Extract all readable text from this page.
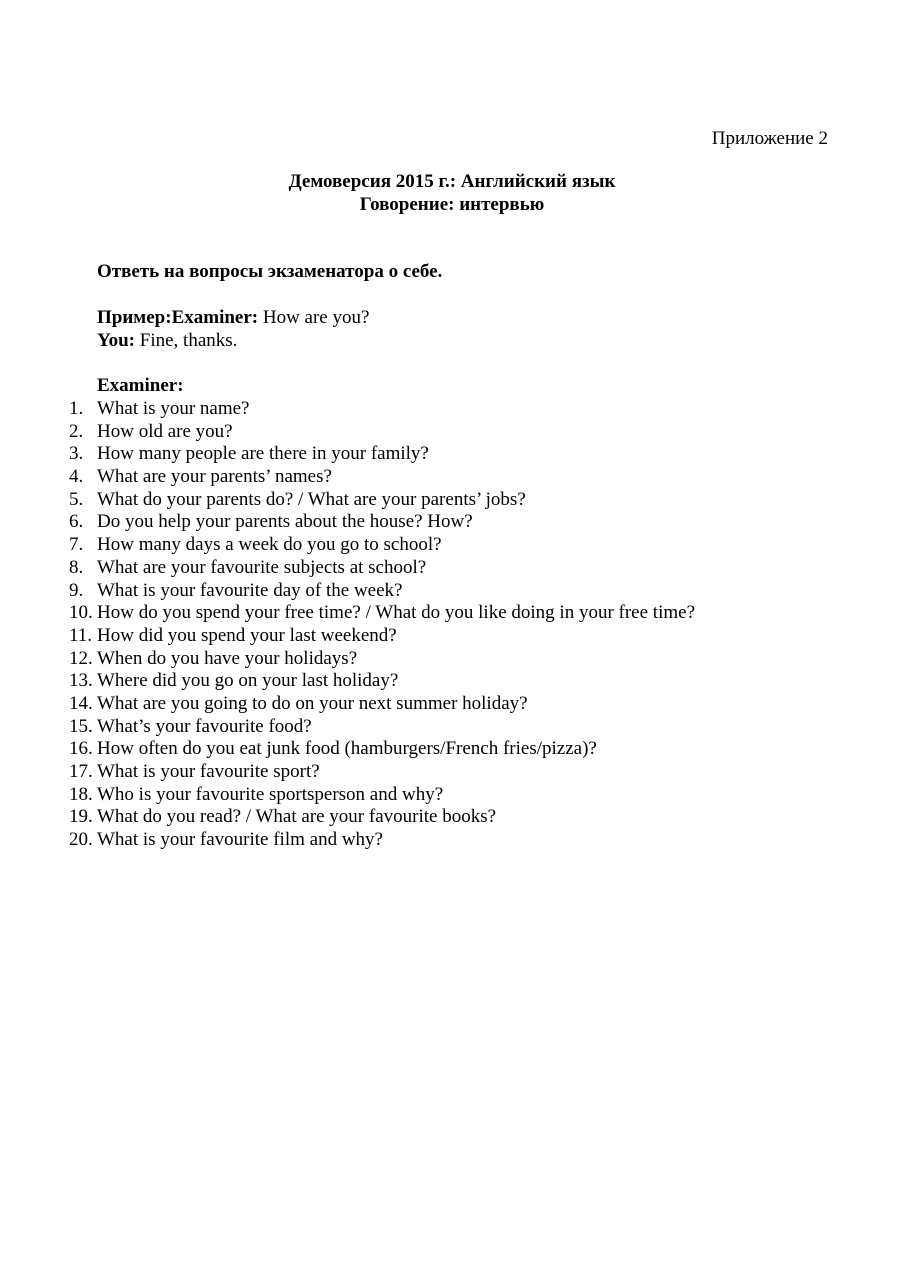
Приложение 2
Демоверсия 2015 г.: Английский язык
Говорение: интервью
Ответь на вопросы экзаменатора о себе.
Пример:Examiner: How are you?
You: Fine, thanks.
Examiner:
1. What is your name?
2. How old are you?
3. How many people are there in your family?
4. What are your parents’ names?
5. What do your parents do? / What are your parents’ jobs?
6. Do you help your parents about the house? How?
7. How many days a week do you go to school?
8. What are your favourite subjects at school?
9. What is your favourite day of the week?
10. How do you spend your free time? / What do you like doing in your free time?
11. How did you spend your last weekend?
12. When do you have your holidays?
13. Where did you go on your last holiday?
14. What are you going to do on your next summer holiday?
15. What’s your favourite food?
16. How often do you eat junk food (hamburgers/French fries/pizza)?
17. What is your favourite sport?
18. Who is your favourite sportsperson and why?
19. What do you read? / What are your favourite books?
20. What is your favourite film and why?
